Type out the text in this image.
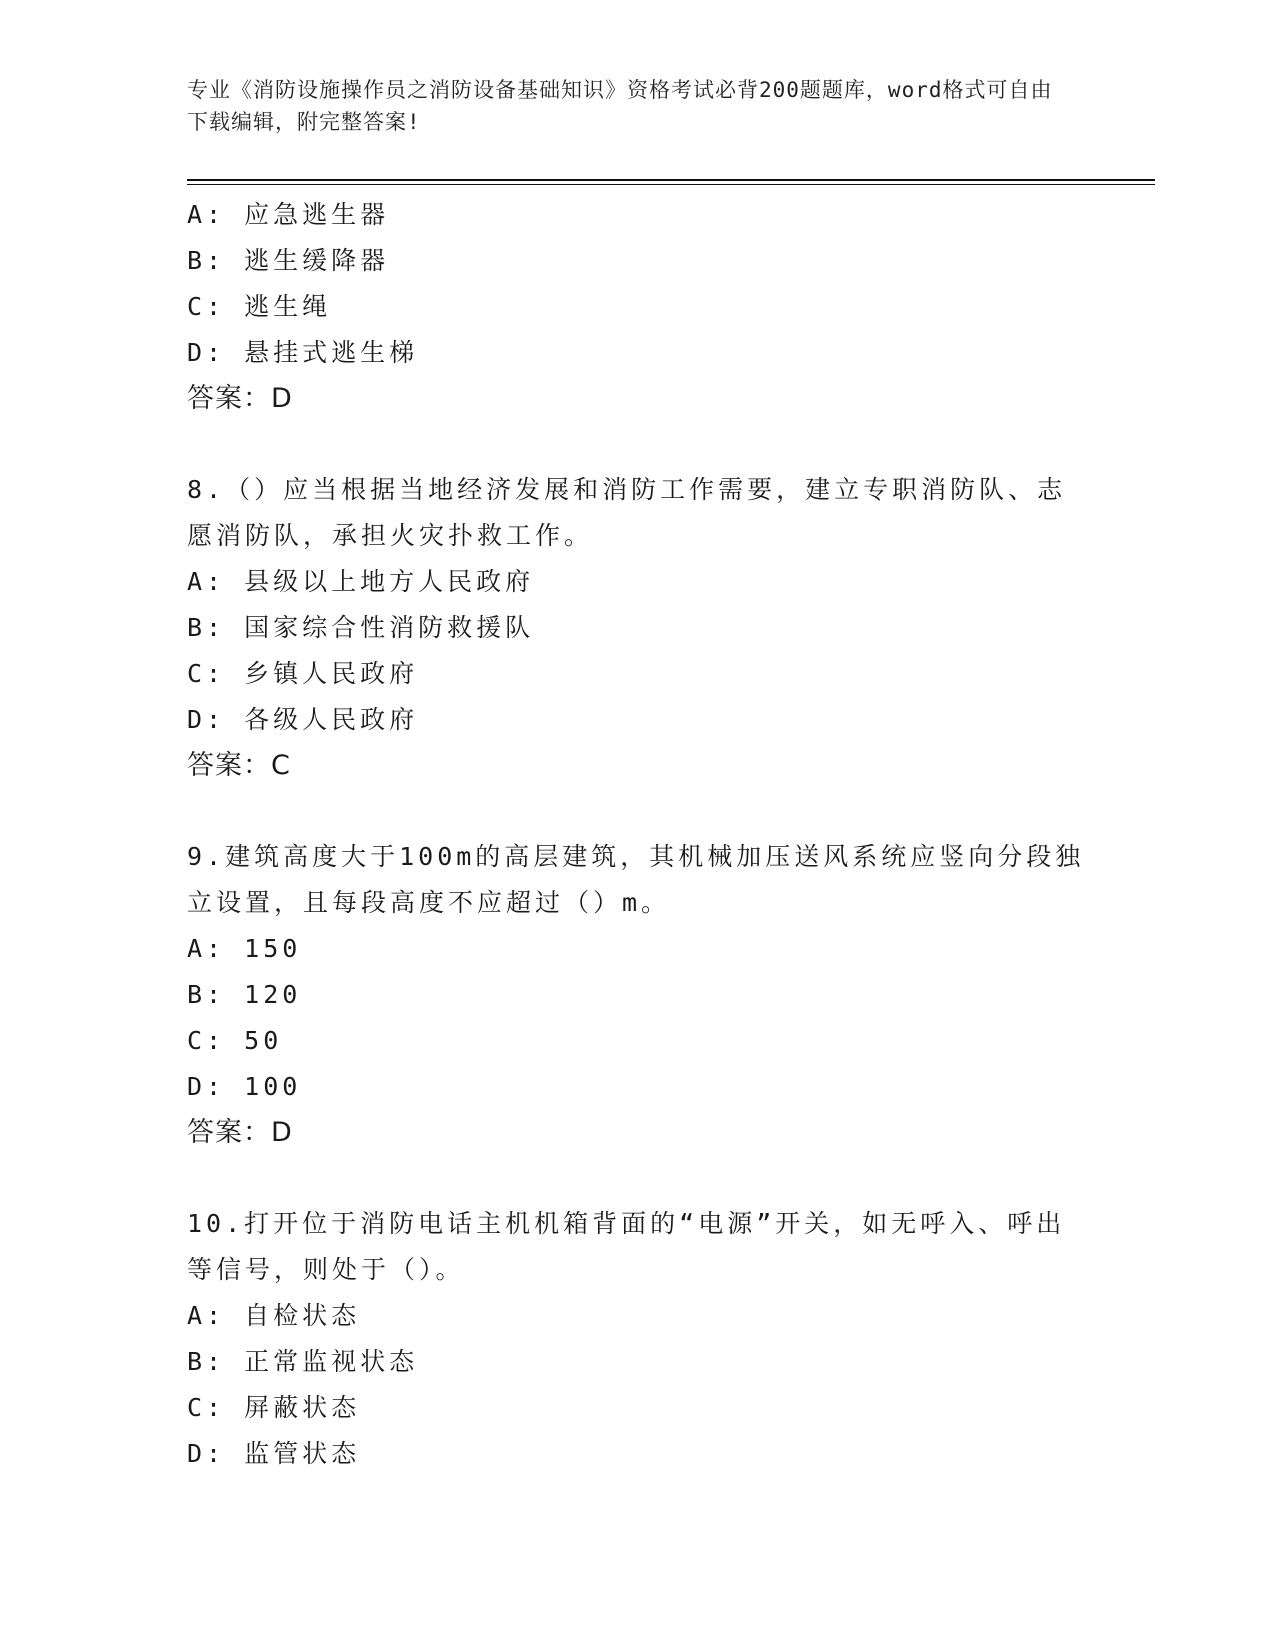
专业《消防设施操作员之消防设备基础知识》资格考试必背200题题库，word格式可自由下载编辑，附完整答案!
A: 应急逃生器
B: 逃生缓降器
C: 逃生绳
D: 悬挂式逃生梯
答案：D
8.（）应当根据当地经济发展和消防工作需要，建立专职消防队、志愿消防队，承担火灾扑救工作。
A: 县级以上地方人民政府
B: 国家综合性消防救援队
C: 乡镇人民政府
D: 各级人民政府
答案：C
9.建筑高度大于100m的高层建筑，其机械加压送风系统应竖向分段独立设置，且每段高度不应超过（）m。
A: 150
B: 120
C: 50
D: 100
答案：D
10.打开位于消防电话主机机箱背面的“电源”开关，如无呼入、呼出等信号，则处于（）。
A: 自检状态
B: 正常监视状态
C: 屏蔽状态
D: 监管状态
